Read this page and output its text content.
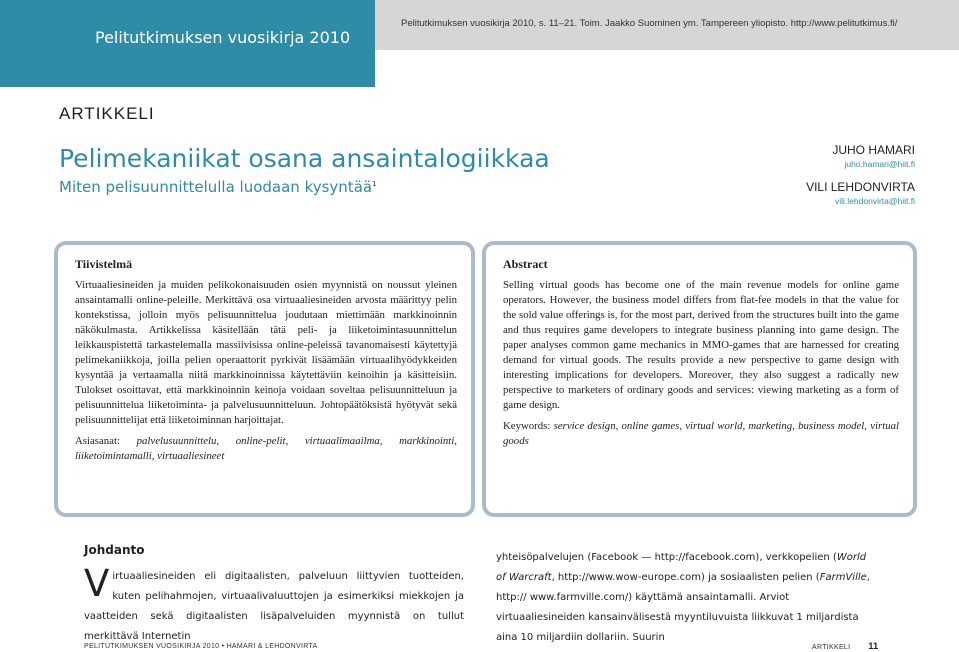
Pelitutkimuksen vuosikirja 2010
Pelitutkimuksen vuosikirja 2010, s. 11–21. Toim. Jaakko Suominen ym. Tampereen yliopisto. http://www.pelitutkimus.fi/
ARTIKKELI
Pelimekaniikat osana ansaintalogiikkaa
Miten pelisuunnittelulla luodaan kysyntää$^1$
JUHO HAMARI
juho.hamari@hiit.fi
VILI LEHDONVIRTA
vili.lehdonvirta@hiit.fi
Tiivistelmä

Virtuaaliesineiden ja muiden pelikokonaisuuden osien myynnistä on noussut yleinen ansaintamalli online-peleille. Merkittävä osa virtuaaliesineiden arvosta määrittyy pelin kontekstissa, jolloin myös pelisuunnittelua joudutaan miettimään markkinoinnin näkökulmasta. Artikkelissa käsitellään tätä peli- ja liiketoimintasuunnittelun leikkauspistettä tarkastelemalla massiivisissa online-peleissä tavanomaisesti käytettyjä pelimekaniikkoja, joilla pelien operaattorit pyrkivät lisäämään virtuaalihyödykkeiden kysyntää ja vertaamalla niitä markkinoinnissa käytettäviin keinoihin ja käsitteisiin. Tulokset osoittavat, että markkinoinnin keinoja voidaan soveltaa pelisuunnitteluun ja pelisuunnittelua liiketoiminta- ja palvelusuunnitteluun. Johtopäätöksistä hyötyvät sekä pelisuunnittelijat että liiketoiminnan harjoittajat.

Asiasanat: palvelusuunnittelu, online-pelit, virtuaalimaailma, markkinointi, liiketoimintamalli, virtuaaliesineet

Abstract

Selling virtual goods has become one of the main revenue models for online game operators. However, the business model differs from flat-fee models in that the value for the sold value offerings is, for the most part, derived from the structures built into the game and thus requires game developers to integrate business planning into game design. The paper analyses common game mechanics in MMO-games that are harnessed for creating demand for virtual goods. The results provide a new perspective to game design with interesting implications for developers. Moreover, they also suggest a radically new perspective to marketers of ordinary goods and services: viewing marketing as a form of game design.

Keywords: service design, online games, virtual world, marketing, business model, virtual goods

Johdanto
Virtuaaliesineiden eli digitaalisten, palveluun liittyvien tuotteiden, kuten pelihahmojen, virtuaalivaluuttojen ja esimerkiksi miekkojen ja vaatteiden sekä digitaalisten lisäpalveluiden myynnistä on tullut merkittävä Internetin
yhteisöpalvelujen (Facebook — http://facebook.com), verkkopelien (World of Warcraft, http://www.wow-europe.com) ja sosiaalisten pelien (FarmVille, http:// www.farmville.com/) käyttämä ansaintamalli. Arviot virtuaaliesineiden kansainvälisestä myyntiluvuista liikkuvat 1 miljardista aina 10 miljardiin dollariin. Suurin
PELITUTKIMUKSEN VUOSIKIRJA 2010 • HAMARI & LEHDONVIRTA	ARTIKKELI 11
